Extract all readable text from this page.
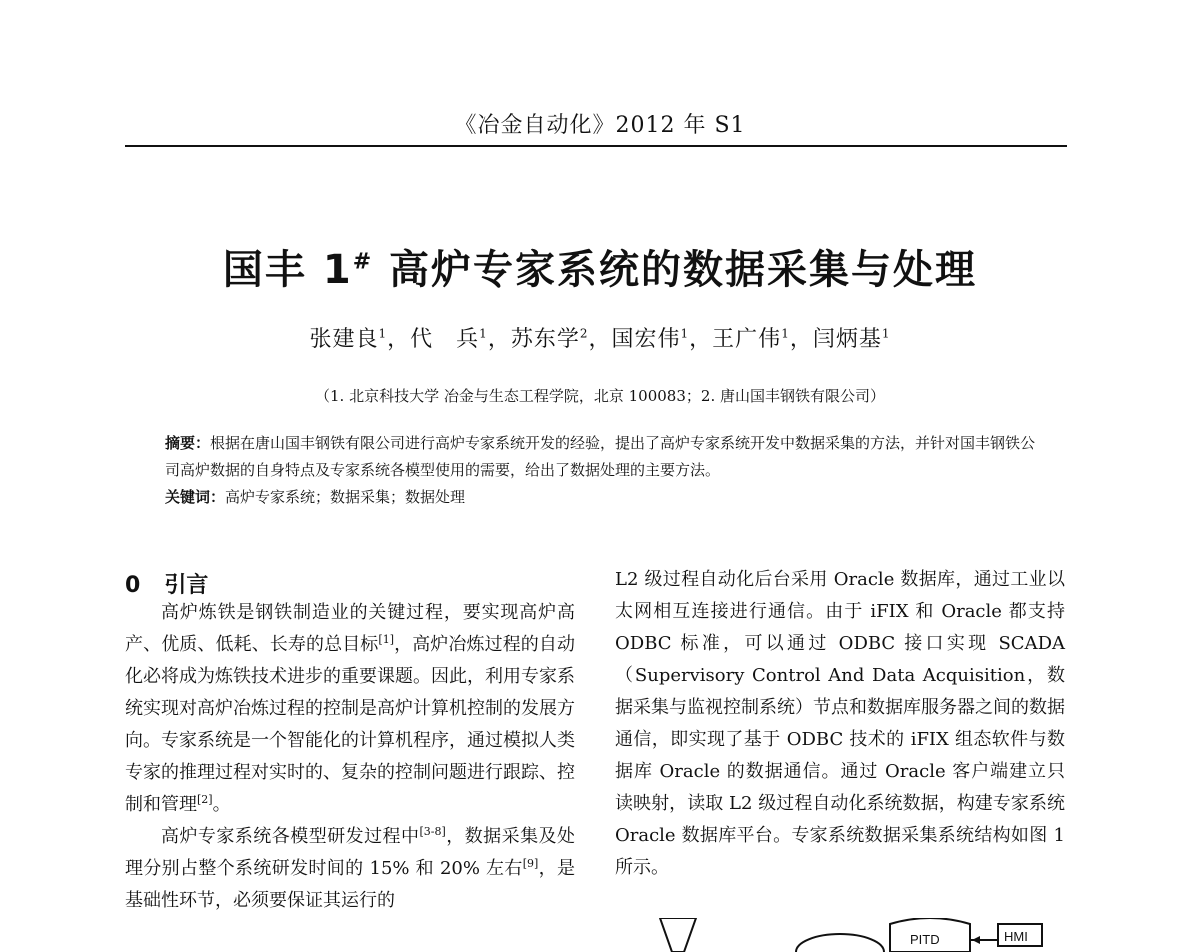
《冶金自动化》2012 年 S1
国丰 1# 高炉专家系统的数据采集与处理
张建良$^1$，代　兵$^1$，苏东学$^2$，国宏伟$^1$，王广伟$^1$，闫炳基$^1$
（1. 北京科技大学 冶金与生态工程学院，北京 100083；2. 唐山国丰钢铁有限公司）

摘要：根据在唐山国丰钢铁有限公司进行高炉专家系统开发的经验，提出了高炉专家系统开发中数据采集的方法，并针对国丰钢铁公司高炉数据的自身特点及专家系统各模型使用的需要，给出了数据处理的主要方法。

关键词：高炉专家系统；数据采集；数据处理

0 引言

高炉炼铁是钢铁制造业的关键过程，要实现高炉高产、优质、低耗、长寿的总目标[1]，高炉冶炼过程的自动化必将成为炼铁技术进步的重要课题。因此，利用专家系统实现对高炉冶炼过程的控制是高炉计算机控制的发展方向。专家系统是一个智能化的计算机程序，通过模拟人类专家的推理过程对实时的、复杂的控制问题进行跟踪、控制和管理[2]。

高炉专家系统各模型研发过程中[3-8]，数据采集及处理分别占整个系统研发时间的 15% 和 20% 左右[9]，是基础性环节，必须要保证其运行的

L2 级过程自动化后台采用 Oracle 数据库，通过工业以太网相互连接进行通信。由于 iFIX 和 Oracle 都支持 ODBC 标准，可以通过 ODBC 接口实现 SCADA（Supervisory Control And Data Acquisition，数据采集与监视控制系统）节点和数据库服务器之间的数据通信，即实现了基于 ODBC 技术的 iFIX 组态软件与数据库 Oracle 的数据通信。通过 Oracle 客户端建立只读映射，读取 L2 级过程自动化系统数据，构建专家系统 Oracle 数据库平台。专家系统数据采集系统结构如图 1 所示。

PITD	HMI
